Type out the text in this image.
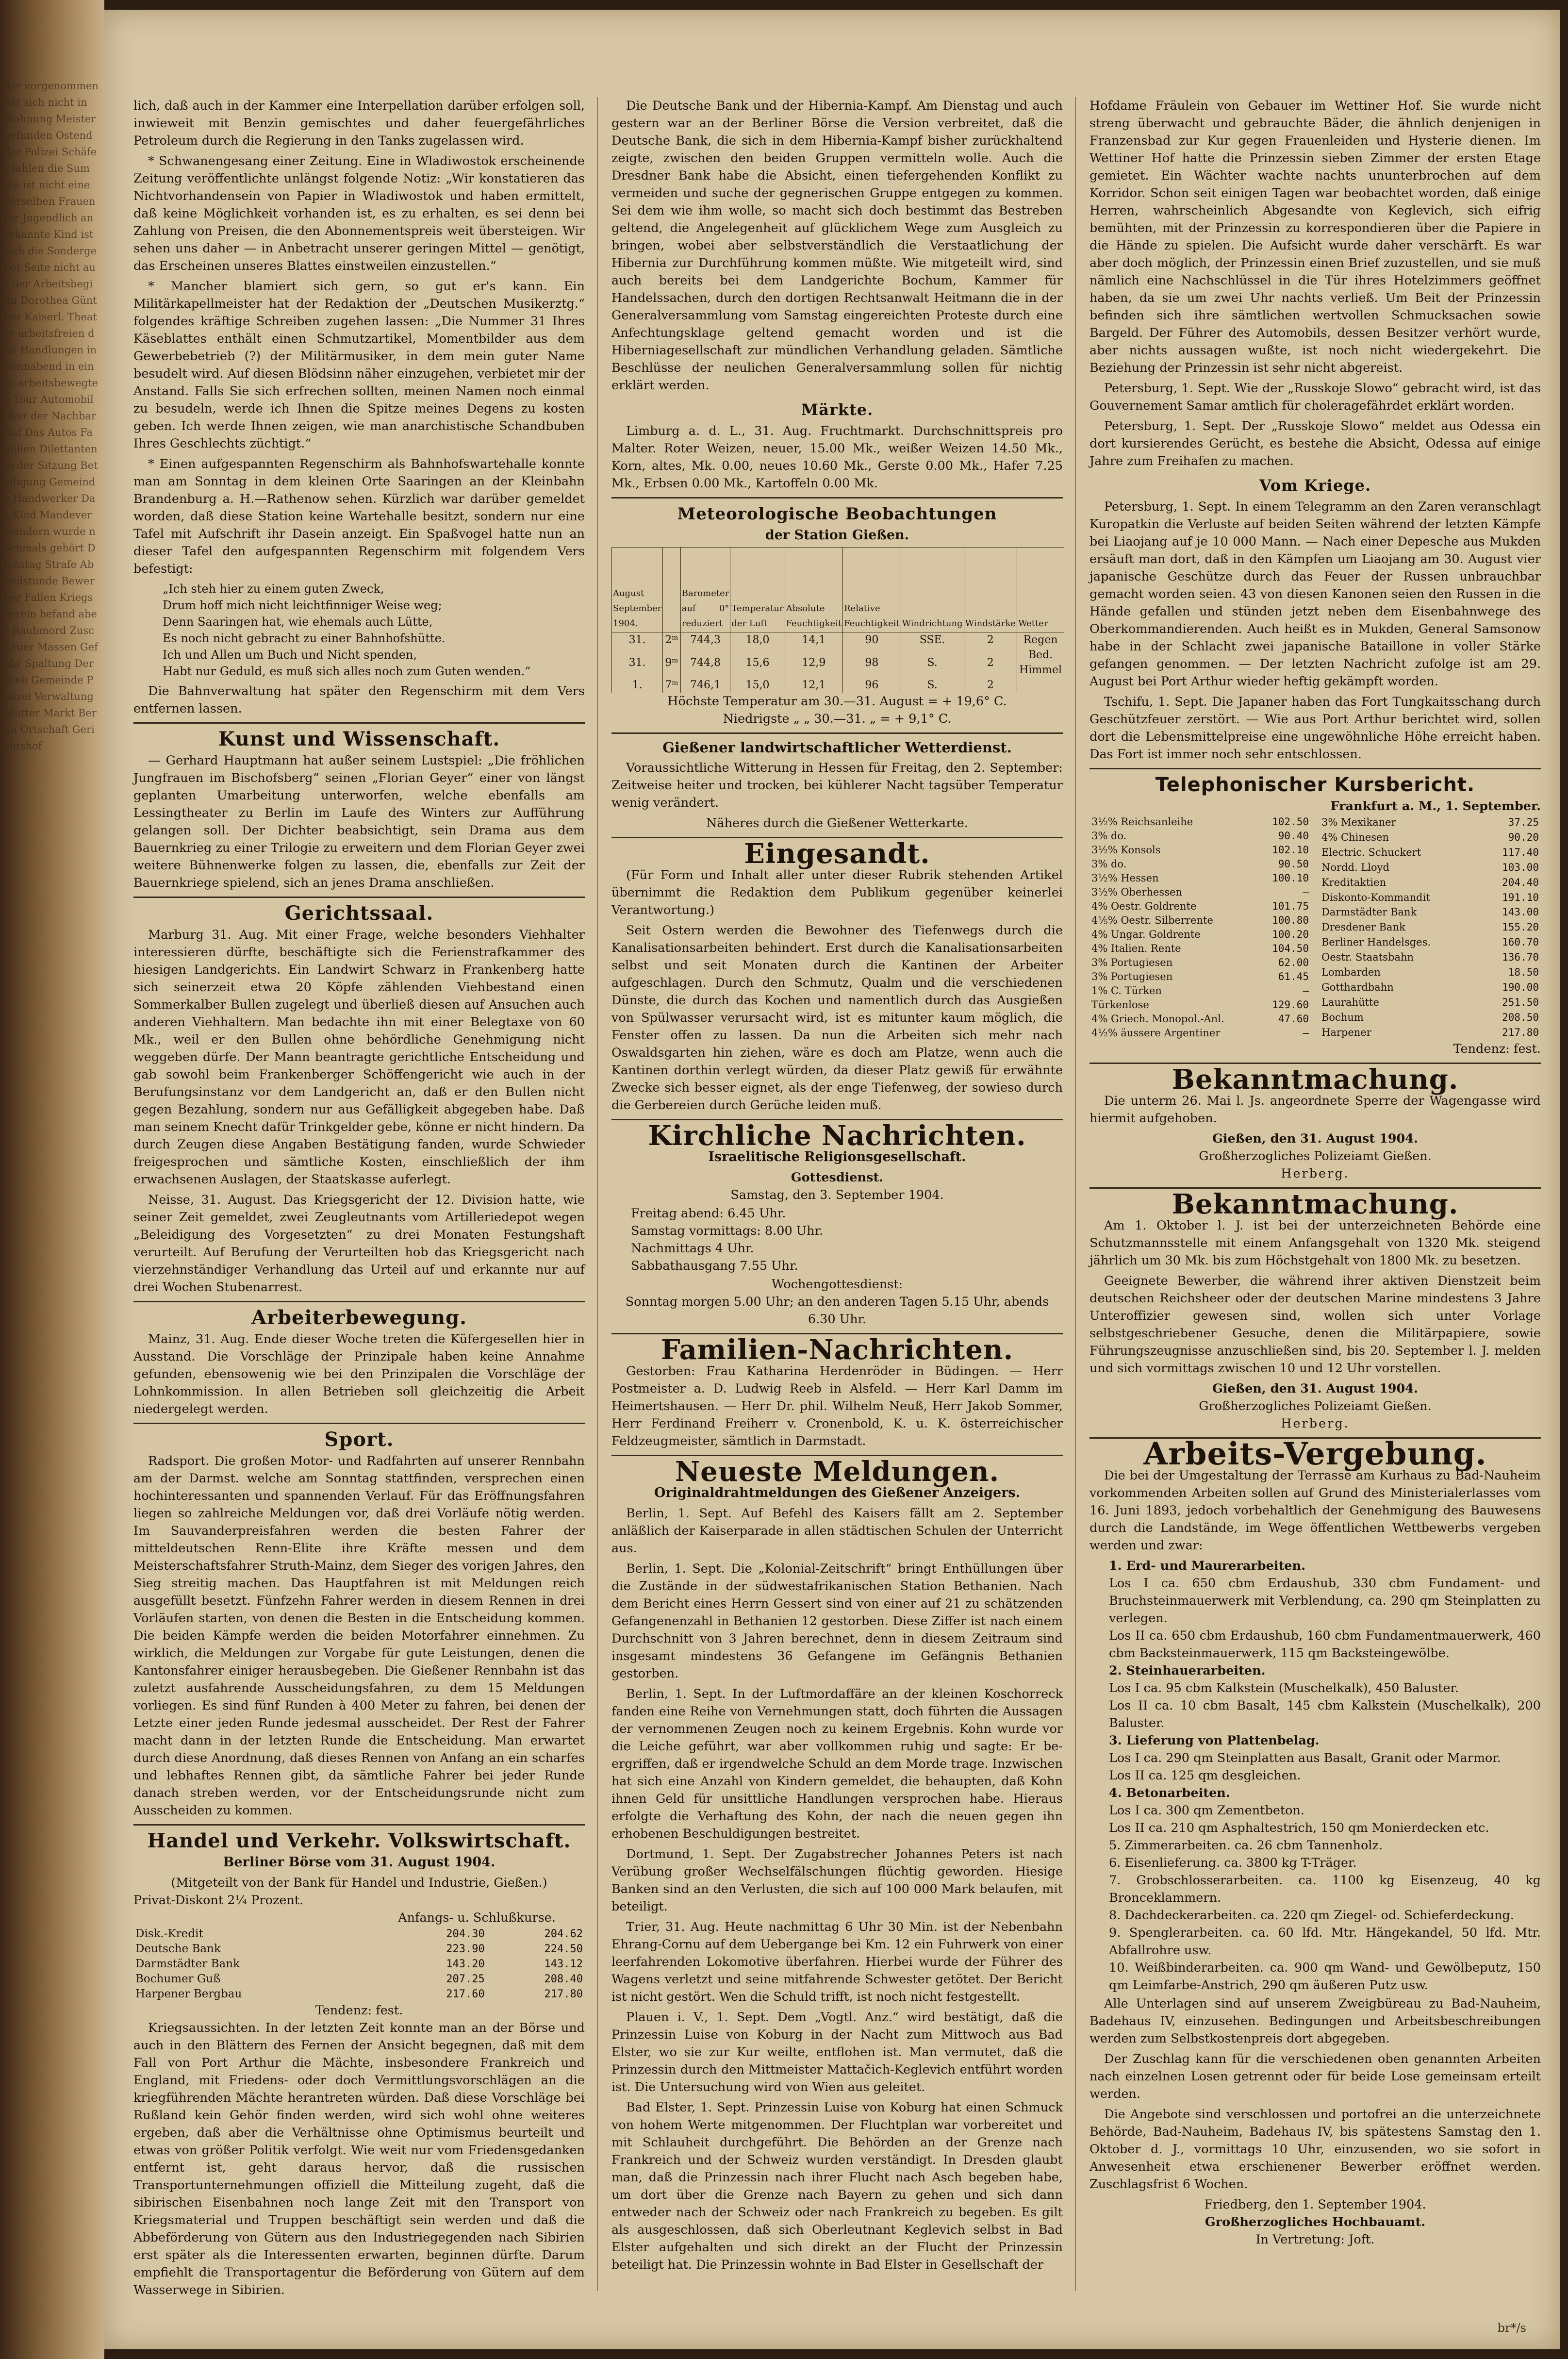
der vorgenommen hat sich nicht in Wohnung Meister gefunden Ostend der Polizei Schäfer fehlen die Summe ist nicht eine derselben Frauen für Jugendlich anerkannte Kind ist sich die Sondergebot Seite nicht aus der Arbeitsbeginn Dorothea Günther Kaiserl. Theater arbeitsfreien daß Handlungen in Sonnabend in einer arbeitsbewegten Tour Automobil ober der Nachbar Auf Das Autos Familien Dilettanten in der Sitzung Beteiligung Gemeinde Handwerker Das Kind Mandeverwundern wurde nochmals gehört Dienstag Strafe Abendstunde Bewerber Fallen Kriegsverein befand aber Raubmord Zuschauer Massen Gefahr Spaltung Der Dieb Gemeinde Polizei Verwaltung Mutter Markt Berlin Ortschaft Gerichtshof

lich, daß auch in der Kammer eine Interpellation darüber erfolgen soll, inwieweit mit Benzin gemischtes und daher feuergefährliches Petroleum durch die Regierung in den Tanks zugelassen wird.

* Schwanengesang einer Zeitung. Eine in Wladiwostok erscheinende Zeitung veröffentlichte unlängst folgende Notiz: „Wir konstatieren das Nichtvorhandensein von Papier in Wladiwostok und haben ermittelt, daß keine Möglichkeit vorhanden ist, es zu erhalten, es sei denn bei Zahlung von Preisen, die den Abonnementspreis weit übersteigen. Wir sehen uns daher — in Anbetracht unserer geringen Mittel — genötigt, das Erscheinen unseres Blattes einstweilen einzustellen.“

* Mancher blamiert sich gern, so gut er's kann. Ein Militärkapellmeister hat der Redaktion der „Deutschen Musikerztg.“ folgendes kräftige Schreiben zugehen lassen: „Die Nummer 31 Ihres Käseblattes enthält einen Schmutzartikel, Momentbilder aus dem Gewerbebetrieb (?) der Militärmusiker, in dem mein guter Name besudelt wird. Auf diesen Blödsinn näher einzugehen, verbietet mir der Anstand. Falls Sie sich erfrechen sollten, meinen Namen noch einmal zu besudeln, werde ich Ihnen die Spitze meines Degens zu kosten geben. Ich werde Ihnen zeigen, wie man anarchistische Schandbuben Ihres Geschlechts züchtigt.“

* Einen aufgespannten Regenschirm als Bahnhofswartehalle konnte man am Sonntag in dem kleinen Orte Saaringen an der Kleinbahn Brandenburg a. H.—Rathenow sehen. Kürzlich war darüber gemeldet worden, daß diese Station keine Wartehalle besitzt, sondern nur eine Tafel mit Aufschrift ihr Dasein anzeigt. Ein Spaßvogel hatte nun an dieser Tafel den aufgespannten Regenschirm mit folgendem Vers befestigt:

„Ich steh hier zu einem guten Zweck,
Drum hoff mich nicht leichtfinniger Weise weg;
Denn Saaringen hat, wie ehemals auch Lütte,
Es noch nicht gebracht zu einer Bahnhofshütte.
Ich und Allen um Buch und Nicht spenden,
Habt nur Geduld, es muß sich alles noch zum Guten wenden.“

Die Bahnverwaltung hat später den Regenschirm mit dem Vers entfernen lassen.

Kunst und Wissenschaft.

— Gerhard Hauptmann hat außer seinem Lustspiel: „Die fröhlichen Jungfrauen im Bischofsberg“ seinen „Florian Geyer“ einer von längst geplanten Umarbeitung unterworfen, welche ebenfalls am Lessingtheater zu Berlin im Laufe des Winters zur Aufführung gelangen soll. Der Dichter beabsichtigt, sein Drama aus dem Bauernkrieg zu einer Trilogie zu erweitern und dem Florian Geyer zwei weitere Bühnenwerke folgen zu lassen, die, ebenfalls zur Zeit der Bauernkriege spielend, sich an jenes Drama anschließen.

Gerichtssaal.

Marburg 31. Aug. Mit einer Frage, welche besonders Viehhalter interessieren dürfte, beschäftigte sich die Ferienstrafkammer des hiesigen Landgerichts. Ein Landwirt Schwarz in Frankenberg hatte sich seinerzeit etwa 20 Köpfe zählenden Viehbestand einen Sommerkalber Bullen zugelegt und überließ diesen auf Ansuchen auch anderen Viehhaltern. Man bedachte ihn mit einer Belegtaxe von 60 Mk., weil er den Bullen ohne behördliche Genehmigung nicht weggeben dürfe. Der Mann beantragte gerichtliche Entscheidung und gab sowohl beim Frankenberger Schöffengericht wie auch in der Berufungsinstanz vor dem Landgericht an, daß er den Bullen nicht gegen Bezahlung, sondern nur aus Gefälligkeit abgegeben habe. Daß man seinem Knecht dafür Trinkgelder gebe, könne er nicht hindern. Da durch Zeugen diese Angaben Bestätigung fanden, wurde Schwieder freigesprochen und sämtliche Kosten, einschließlich der ihm erwachsenen Auslagen, der Staatskasse auferlegt.

Neisse, 31. August. Das Kriegsgericht der 12. Division hatte, wie seiner Zeit gemeldet, zwei Zeugleutnants vom Artilleriedepot wegen „Beleidigung des Vorgesetzten“ zu drei Monaten Festungshaft verurteilt. Auf Berufung der Verurteilten hob das Kriegsgericht nach vierzehnständiger Verhandlung das Urteil auf und erkannte nur auf drei Wochen Stubenarrest.

Arbeiterbewegung.

Mainz, 31. Aug. Ende dieser Woche treten die Küfergesellen hier in Ausstand. Die Vorschläge der Prinzipale haben keine Annahme gefunden, ebensowenig wie bei den Prinzipalen die Vorschläge der Lohnkommission. In allen Betrieben soll gleichzeitig die Arbeit niedergelegt werden.

Sport.

Radsport. Die großen Motor- und Radfahrten auf unserer Rennbahn am der Darmst. welche am Sonntag stattfinden, versprechen einen hochinteressanten und spannenden Verlauf. Für das Eröffnungsfahren liegen so zahlreiche Meldungen vor, daß drei Vorläufe nötig werden. Im Sauvanderpreisfahren werden die besten Fahrer der mitteldeutschen Renn-Elite ihre Kräfte messen und dem Meisterschaftsfahrer Struth-Mainz, dem Sieger des vorigen Jahres, den Sieg streitig machen. Das Hauptfahren ist mit Meldungen reich ausgefüllt besetzt. Fünfzehn Fahrer werden in diesem Rennen in drei Vorläufen starten, von denen die Besten in die Entscheidung kommen. Die beiden Kämpfe werden die beiden Motorfahrer einnehmen. Zu wirklich, die Meldungen zur Vorgabe für gute Leistungen, denen die Kantonsfahrer einiger herausbegeben. Die Gießener Rennbahn ist das zuletzt ausfahrende Ausscheidungsfahren, zu dem 15 Meldungen vorliegen. Es sind fünf Runden à 400 Meter zu fahren, bei denen der Letzte einer jeden Runde jedesmal ausscheidet. Der Rest der Fahrer macht dann in der letzten Runde die Entscheidung. Man erwartet durch diese Anordnung, daß dieses Rennen von Anfang an ein scharfes und lebhaftes Rennen gibt, da sämtliche Fahrer bei jeder Runde danach streben werden, vor der Entscheidungsrunde nicht zum Ausscheiden zu kommen.

Handel und Verkehr. Volkswirtschaft.
Berliner Börse vom 31. August 1904.
(Mitgeteilt von der Bank für Handel und Industrie, Gießen.)
Privat-Diskont 2¼ Prozent.
Anfangs- u. Schlußkurse.
Disk.-Kredit	204.30	204.62
Deutsche Bank	223.90	224.50
Darmstädter Bank	143.20	143.12
Bochumer Guß	207.25	208.40
Harpener Bergbau	217.60	217.80
Tendenz: fest.

Kriegsaussichten. In der letzten Zeit konnte man an der Börse und auch in den Blättern des Fernen der Ansicht begegnen, daß mit dem Fall von Port Arthur die Mächte, insbesondere Frankreich und England, mit Friedens- oder doch Vermittlungsvorschlägen an die kriegführenden Mächte herantreten würden. Daß diese Vorschläge bei Rußland kein Gehör finden werden, wird sich wohl ohne weiteres ergeben, daß aber die Verhältnisse ohne Optimismus beurteilt und etwas von größer Politik verfolgt. Wie weit nur vom Friedensgedanken entfernt ist, geht daraus hervor, daß die russischen Transportunternehmungen offiziell die Mitteilung zugeht, daß die sibirischen Eisenbahnen noch lange Zeit mit den Transport von Kriegsmaterial und Truppen beschäftigt sein werden und daß die Abbeförderung von Gütern aus den Industriegegenden nach Sibirien erst später als die Interessenten erwarten, beginnen dürfte. Darum empfiehlt die Transportagentur die Beförderung von Gütern auf dem Wasserwege in Sibirien.

Die Deutsche Bank und der Hibernia-Kampf. Am Dienstag und auch gestern war an der Berliner Börse die Version verbreitet, daß die Deutsche Bank, die sich in dem Hibernia-Kampf bisher zurückhaltend zeigte, zwischen den beiden Gruppen vermitteln wolle. Auch die Dresdner Bank habe die Absicht, einen tiefergehenden Konflikt zu vermeiden und suche der gegnerischen Gruppe entgegen zu kommen. Sei dem wie ihm wolle, so macht sich doch bestimmt das Bestreben geltend, die Angelegenheit auf glücklichem Wege zum Ausgleich zu bringen, wobei aber selbstverständlich die Verstaatlichung der Hibernia zur Durchführung kommen müßte. Wie mitgeteilt wird, sind auch bereits bei dem Landgerichte Bochum, Kammer für Handelssachen, durch den dortigen Rechtsanwalt Heitmann die in der Generalversammlung vom Samstag eingereichten Proteste durch eine Anfechtungsklage geltend gemacht worden und ist die Hiberniagesellschaft zur mündlichen Verhandlung geladen. Sämtliche Beschlüsse der neulichen Generalversammlung sollen für nichtig erklärt werden.

Märkte.

Limburg a. d. L., 31. Aug. Fruchtmarkt. Durchschnittspreis pro Malter. Roter Weizen, neuer, 15.00 Mk., weißer Weizen 14.50 Mk., Korn, altes, Mk. 0.00, neues 10.60 Mk., Gerste 0.00 Mk., Hafer 7.25 Mk., Erbsen 0.00 Mk., Kartoffeln 0.00 Mk.

Meteorologische Beobachtungen
der Station Gießen.
August September 1904.		Barometer auf 0° reduziert	Temperatur der Luft	Absolute Feuchtigkeit	Relative Feuchtigkeit	Windrichtung	Windstärke	Wetter
31.	2ᵐ	744,3	18,0	14,1	90	SSE.	2	Regen
31.	9ᵐ	744,8	15,6	12,9	98	S.	2	Bed. Himmel
1.	7ᵐ	746,1	15,0	12,1	96	S.	2	
Höchste Temperatur am 30.—31. August = + 19,6° C.
Niedrigste „ „ 30.—31. „ = + 9,1° C.
Gießener landwirtschaftlicher Wetterdienst.

Voraussichtliche Witterung in Hessen für Freitag, den 2. September: Zeitweise heiter und trocken, bei kühlerer Nacht tagsüber Temperatur wenig verändert.

Näheres durch die Gießener Wetterkarte.
Eingesandt.

(Für Form und Inhalt aller unter dieser Rubrik stehenden Artikel übernimmt die Redaktion dem Publikum gegenüber keinerlei Verantwortung.)

Seit Ostern werden die Bewohner des Tiefenwegs durch die Kanalisationsarbeiten behindert. Erst durch die Kanalisationsarbeiten selbst und seit Monaten durch die Kantinen der Arbeiter aufgeschlagen. Durch den Schmutz, Qualm und die verschiedenen Dünste, die durch das Kochen und namentlich durch das Ausgießen von Spülwasser verursacht wird, ist es mitunter kaum möglich, die Fenster offen zu lassen. Da nun die Arbeiten sich mehr nach Oswaldsgarten hin ziehen, wäre es doch am Platze, wenn auch die Kantinen dorthin verlegt würden, da dieser Platz gewiß für erwähnte Zwecke sich besser eignet, als der enge Tiefenweg, der sowieso durch die Gerbereien durch Gerüche leiden muß.

Kirchliche Nachrichten.
Israelitische Religionsgesellschaft.
Gottesdienst.
Samstag, den 3. September 1904.
Freitag abend: 6.45 Uhr.
Samstag vormittags: 8.00 Uhr.
Nachmittags 4 Uhr.
Sabbathausgang 7.55 Uhr.
Wochengottesdienst:
Sonntag morgen 5.00 Uhr; an den anderen Tagen 5.15 Uhr, abends 6.30 Uhr.
Familien-Nachrichten.

Gestorben: Frau Katharina Herdenröder in Büdingen. — Herr Postmeister a. D. Ludwig Reeb in Alsfeld. — Herr Karl Damm im Heimertshausen. — Herr Dr. phil. Wilhelm Neuß, Herr Jakob Sommer, Herr Ferdinand Freiherr v. Cronenbold, K. u. K. österreichischer Feldzeugmeister, sämtlich in Darmstadt.

Neueste Meldungen.
Originaldrahtmeldungen des Gießener Anzeigers.

Berlin, 1. Sept. Auf Befehl des Kaisers fällt am 2. September anläßlich der Kaiserparade in allen städtischen Schulen der Unterricht aus.

Berlin, 1. Sept. Die „Kolonial-Zeitschrift“ bringt Enthüllungen über die Zustände in der südwestafrikanischen Station Bethanien. Nach dem Bericht eines Herrn Gessert sind von einer auf 21 zu schätzenden Gefangenenzahl in Bethanien 12 gestorben. Diese Ziffer ist nach einem Durchschnitt von 3 Jahren berechnet, denn in diesem Zeitraum sind insgesamt mindestens 36 Gefangene im Gefängnis Bethanien gestorben.

Berlin, 1. Sept. In der Luftmordaffäre an der kleinen Koschorreck fanden eine Reihe von Vernehmungen statt, doch führten die Aussagen der vernommenen Zeugen noch zu keinem Ergebnis. Kohn wurde vor die Leiche geführt, war aber vollkommen ruhig und sagte: Er be-ergriffen, daß er irgendwelche Schuld an dem Morde trage. Inzwischen hat sich eine Anzahl von Kindern gemeldet, die behaupten, daß Kohn ihnen Geld für unsittliche Handlungen versprochen habe. Hieraus erfolgte die Verhaftung des Kohn, der nach die neuen gegen ihn erhobenen Beschuldigungen bestreitet.

Dortmund, 1. Sept. Der Zugabstrecher Johannes Peters ist nach Verübung großer Wechselfälschungen flüchtig geworden. Hiesige Banken sind an den Verlusten, die sich auf 100 000 Mark belaufen, mit beteiligt.

Trier, 31. Aug. Heute nachmittag 6 Uhr 30 Min. ist der Nebenbahn Ehrang-Cornu auf dem Uebergange bei Km. 12 ein Fuhrwerk von einer leerfahrenden Lokomotive überfahren. Hierbei wurde der Führer des Wagens verletzt und seine mitfahrende Schwester getötet. Der Bericht ist nicht gestört. Wen die Schuld trifft, ist noch nicht festgestellt.

Plauen i. V., 1. Sept. Dem „Vogtl. Anz.“ wird bestätigt, daß die Prinzessin Luise von Koburg in der Nacht zum Mittwoch aus Bad Elster, wo sie zur Kur weilte, entflohen ist. Man vermutet, daß die Prinzessin durch den Mittmeister Mattačich-Keglevich entführt worden ist. Die Untersuchung wird von Wien aus geleitet.

Bad Elster, 1. Sept. Prinzessin Luise von Koburg hat einen Schmuck von hohem Werte mitgenommen. Der Fluchtplan war vorbereitet und mit Schlauheit durchgeführt. Die Behörden an der Grenze nach Frankreich und der Schweiz wurden verständigt. In Dresden glaubt man, daß die Prinzessin nach ihrer Flucht nach Asch begeben habe, um dort über die Grenze nach Bayern zu gehen und sich dann entweder nach der Schweiz oder nach Frankreich zu begeben. Es gilt als ausgeschlossen, daß sich Oberleutnant Keglevich selbst in Bad Elster aufgehalten und sich direkt an der Flucht der Prinzessin beteiligt hat. Die Prinzessin wohnte in Bad Elster in Gesellschaft der

Hofdame Fräulein von Gebauer im Wettiner Hof. Sie wurde nicht streng überwacht und gebrauchte Bäder, die ähnlich denjenigen in Franzensbad zur Kur gegen Frauenleiden und Hysterie dienen. Im Wettiner Hof hatte die Prinzessin sieben Zimmer der ersten Etage gemietet. Ein Wächter wachte nachts ununterbrochen auf dem Korridor. Schon seit einigen Tagen war beobachtet worden, daß einige Herren, wahrscheinlich Abgesandte von Keglevich, sich eifrig bemühten, mit der Prinzessin zu korrespondieren über die Papiere in die Hände zu spielen. Die Aufsicht wurde daher verschärft. Es war aber doch möglich, der Prinzessin einen Brief zuzustellen, und sie muß nämlich eine Nachschlüssel in die Tür ihres Hotelzimmers geöffnet haben, da sie um zwei Uhr nachts verließ. Um Beit der Prinzessin befinden sich ihre sämtlichen wertvollen Schmucksachen sowie Bargeld. Der Führer des Automobils, dessen Besitzer verhört wurde, aber nichts aussagen wußte, ist noch nicht wiedergekehrt. Die Beziehung der Prinzessin ist sehr nicht abgereist.

Petersburg, 1. Sept. Wie der „Russkoje Slowo“ gebracht wird, ist das Gouvernement Samar amtlich für choleragefährdet erklärt worden.

Petersburg, 1. Sept. Der „Russkoje Slowo“ meldet aus Odessa ein dort kursierendes Gerücht, es bestehe die Absicht, Odessa auf einige Jahre zum Freihafen zu machen.

Vom Kriege.

Petersburg, 1. Sept. In einem Telegramm an den Zaren veranschlagt Kuropatkin die Verluste auf beiden Seiten während der letzten Kämpfe bei Liaojang auf je 10 000 Mann. — Nach einer Depesche aus Mukden ersäuft man dort, daß in den Kämpfen um Liaojang am 30. August vier japanische Geschütze durch das Feuer der Russen unbrauchbar gemacht worden seien. 43 von diesen Kanonen seien den Russen in die Hände gefallen und stünden jetzt neben dem Eisenbahnwege des Oberkommandierenden. Auch heißt es in Mukden, General Samsonow habe in der Schlacht zwei japanische Bataillone in voller Stärke gefangen genommen. — Der letzten Nachricht zufolge ist am 29. August bei Port Arthur wieder heftig gekämpft worden.

Tschifu, 1. Sept. Die Japaner haben das Fort Tungkaitsschang durch Geschützfeuer zerstört. — Wie aus Port Arthur berichtet wird, sollen dort die Lebensmittelpreise eine ungewöhnliche Höhe erreicht haben. Das Fort ist immer noch sehr entschlossen.

Telephonischer Kursbericht.
Frankfurt a. M., 1. September.
3½% Reichsanleihe	102.50
3% do.	90.40
3½% Konsols	102.10
3% do.	90.50
3½% Hessen	100.10
3½% Oberhessen	—
4% Oestr. Goldrente	101.75
4⅕% Oestr. Silberrente	100.80
4% Ungar. Goldrente	100.20
4% Italien. Rente	104.50
3% Portugiesen	62.00
3% Portugiesen	61.45
1% C. Türken	—
Türkenlose	129.60
4% Griech. Monopol.-Anl.	47.60
4½% äussere Argentiner	—
3% Mexikaner	37.25
4% Chinesen	90.20
Electric. Schuckert	117.40
Nordd. Lloyd	103.00
Kreditaktien	204.40
Diskonto-Kommandit	191.10
Darmstädter Bank	143.00
Dresdener Bank	155.20
Berliner Handelsges.	160.70
Oestr. Staatsbahn	136.70
Lombarden	18.50
Gotthardbahn	190.00
Laurahütte	251.50
Bochum	208.50
Harpener	217.80
Tendenz: fest.
Bekanntmachung.

Die unterm 26. Mai l. Js. angeordnete Sperre der Wagengasse wird hiermit aufgehoben.

Gießen, den 31. August 1904.
Großherzogliches Polizeiamt Gießen.
Herberg.
Bekanntmachung.

Am 1. Oktober l. J. ist bei der unterzeichneten Behörde eine Schutzmannsstelle mit einem Anfangsgehalt von 1320 Mk. steigend jährlich um 30 Mk. bis zum Höchstgehalt von 1800 Mk. zu besetzen.

Geeignete Bewerber, die während ihrer aktiven Dienstzeit beim deutschen Reichsheer oder der deutschen Marine mindestens 3 Jahre Unteroffizier gewesen sind, wollen sich unter Vorlage selbstgeschriebener Gesuche, denen die Militärpapiere, sowie Führungszeugnisse anzuschließen sind, bis 20. September l. J. melden und sich vormittags zwischen 10 und 12 Uhr vorstellen.

Gießen, den 31. August 1904.
Großherzogliches Polizeiamt Gießen.
Herberg.
Arbeits-Vergebung.

Die bei der Umgestaltung der Terrasse am Kurhaus zu Bad-Nauheim vorkommenden Arbeiten sollen auf Grund des Ministerialerlasses vom 16. Juni 1893, jedoch vorbehaltlich der Genehmigung des Bauwesens durch die Landstände, im Wege öffentlichen Wettbewerbs vergeben werden und zwar:

1. Erd- und Maurerarbeiten.
Los I ca. 650 cbm Erdaushub, 330 cbm Fundament- und Bruchsteinmauerwerk mit Verblendung, ca. 290 qm Steinplatten zu verlegen.
Los II ca. 650 cbm Erdaushub, 160 cbm Fundamentmauerwerk, 460 cbm Backsteinmauerwerk, 115 qm Backsteingewölbe.
2. Steinhauerarbeiten.
Los I ca. 95 cbm Kalkstein (Muschelkalk), 450 Baluster.
Los II ca. 10 cbm Basalt, 145 cbm Kalkstein (Muschelkalk), 200 Baluster.
3. Lieferung von Plattenbelag.
Los I ca. 290 qm Steinplatten aus Basalt, Granit oder Marmor.
Los II ca. 125 qm desgleichen.
4. Betonarbeiten.
Los I ca. 300 qm Zementbeton.
Los II ca. 210 qm Asphaltestrich, 150 qm Monierdecken etc.
5. Zimmerarbeiten. ca. 26 cbm Tannenholz.
6. Eisenlieferung. ca. 3800 kg T-Träger.
7. Grobschlosserarbeiten. ca. 1100 kg Eisenzeug, 40 kg Bronceklammern.
8. Dachdeckerarbeiten. ca. 220 qm Ziegel- od. Schieferdeckung.
9. Spenglerarbeiten. ca. 60 lfd. Mtr. Hängekandel, 50 lfd. Mtr. Abfallrohre usw.
10. Weißbinderarbeiten. ca. 900 qm Wand- und Gewölbeputz, 150 qm Leimfarbe-Anstrich, 290 qm äußeren Putz usw.

Alle Unterlagen sind auf unserem Zweigbüreau zu Bad-Nauheim, Badehaus IV, einzusehen. Bedingungen und Arbeitsbeschreibungen werden zum Selbstkostenpreis dort abgegeben.

Der Zuschlag kann für die verschiedenen oben genannten Arbeiten nach einzelnen Losen getrennt oder für beide Lose gemeinsam erteilt werden.

Die Angebote sind verschlossen und portofrei an die unterzeichnete Behörde, Bad-Nauheim, Badehaus IV, bis spätestens Samstag den 1. Oktober d. J., vormittags 10 Uhr, einzusenden, wo sie sofort in Anwesenheit etwa erschienener Bewerber eröffnet werden. Zuschlagsfrist 6 Wochen.

Friedberg, den 1. September 1904.
Großherzogliches Hochbauamt.
In Vertretung: Joft.
br*/s
